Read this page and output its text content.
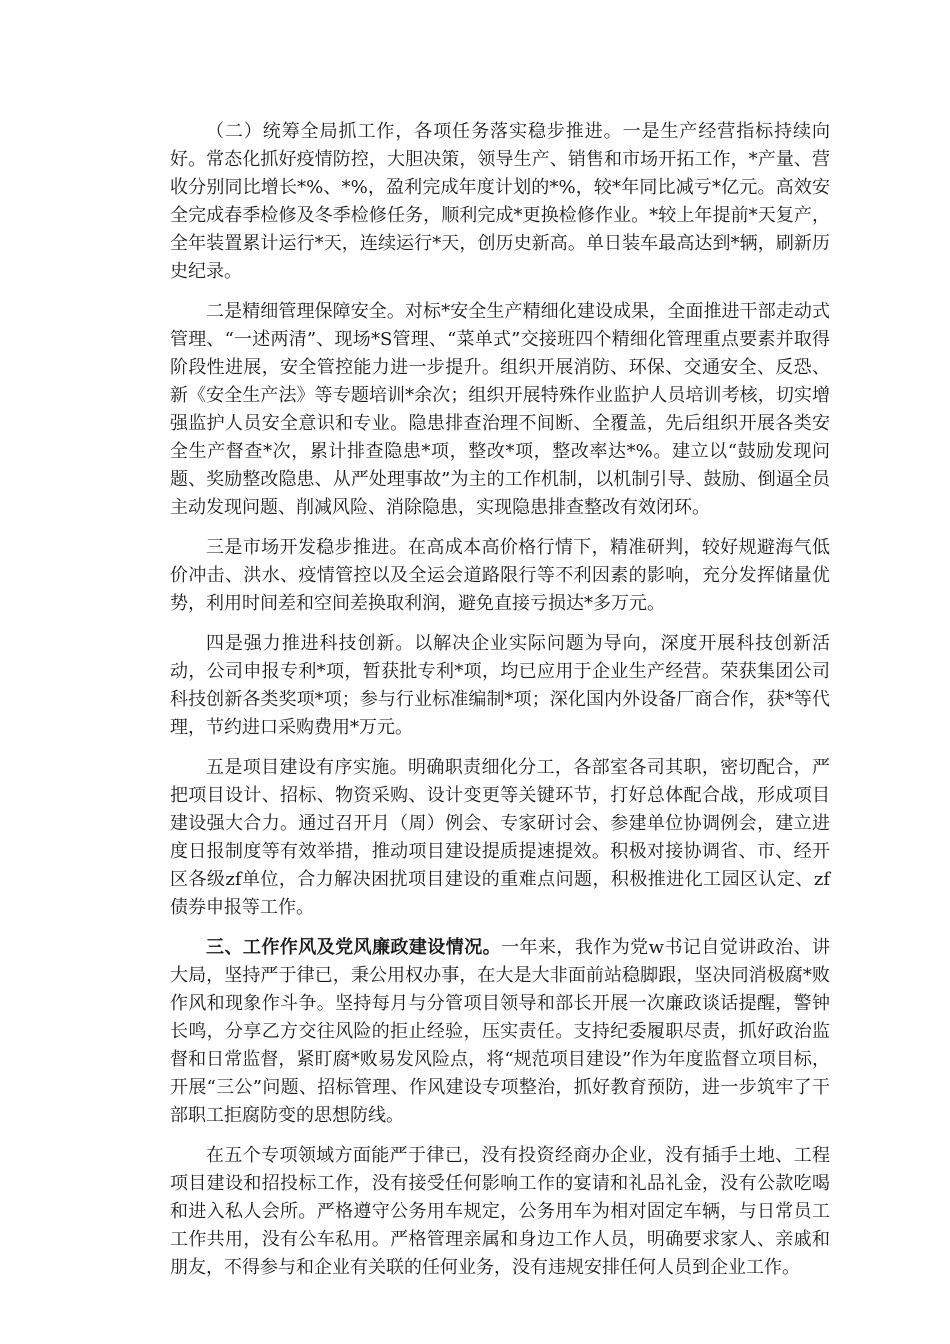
（二）统筹全局抓工作，各项任务落实稳步推进。一是生产经营指标持续向好。常态化抓好疫情防控，大胆决策，领导生产、销售和市场开拓工作，*产量、营收分别同比增长*%、*%，盈利完成年度计划的*%，较*年同比减亏*亿元。高效安全完成春季检修及冬季检修任务，顺利完成*更换检修作业。*较上年提前*天复产，全年装置累计运行*天，连续运行*天，创历史新高。单日装车最高达到*辆，刷新历史纪录。

二是精细管理保障安全。对标*安全生产精细化建设成果，全面推进干部走动式管理、“一述两清”、现场*S管理、“菜单式”交接班四个精细化管理重点要素并取得阶段性进展，安全管控能力进一步提升。组织开展消防、环保、交通安全、反恐、新《安全生产法》等专题培训*余次；组织开展特殊作业监护人员培训考核，切实增强监护人员安全意识和专业。隐患排查治理不间断、全覆盖，先后组织开展各类安全生产督查*次，累计排查隐患*项，整改*项，整改率达*%。建立以“鼓励发现问题、奖励整改隐患、从严处理事故”为主的工作机制，以机制引导、鼓励、倒逼全员主动发现问题、削减风险、消除隐患，实现隐患排查整改有效闭环。

三是市场开发稳步推进。在高成本高价格行情下，精准研判，较好规避海气低价冲击、洪水、疫情管控以及全运会道路限行等不利因素的影响，充分发挥储量优势，利用时间差和空间差换取利润，避免直接亏损达*多万元。

四是强力推进科技创新。以解决企业实际问题为导向，深度开展科技创新活动，公司申报专利*项，暂获批专利*项，均已应用于企业生产经营。荣获集团公司科技创新各类奖项*项；参与行业标准编制*项；深化国内外设备厂商合作，获*等代理，节约进口采购费用*万元。

五是项目建设有序实施。明确职责细化分工，各部室各司其职，密切配合，严把项目设计、招标、物资采购、设计变更等关键环节，打好总体配合战，形成项目建设强大合力。通过召开月（周）例会、专家研讨会、参建单位协调例会，建立进度日报制度等有效举措，推动项目建设提质提速提效。积极对接协调省、市、经开区各级zf单位，合力解决困扰项目建设的重难点问题，积极推进化工园区认定、zf债券申报等工作。

三、工作作风及党风廉政建设情况。一年来，我作为党w书记自觉讲政治、讲大局，坚持严于律已，秉公用权办事，在大是大非面前站稳脚跟，坚决同消极腐*败作风和现象作斗争。坚持每月与分管项目领导和部长开展一次廉政谈话提醒，警钟长鸣，分享乙方交往风险的拒止经验，压实责任。支持纪委履职尽责，抓好政治监督和日常监督，紧盯腐*败易发风险点，将“规范项目建设”作为年度监督立项目标，开展“三公”问题、招标管理、作风建设专项整治，抓好教育预防，进一步筑牢了干部职工拒腐防变的思想防线。

在五个专项领域方面能严于律已，没有投资经商办企业，没有插手土地、工程项目建设和招投标工作，没有接受任何影响工作的宴请和礼品礼金，没有公款吃喝和进入私人会所。严格遵守公务用车规定，公务用车为相对固定车辆，与日常员工工作共用，没有公车私用。严格管理亲属和身边工作人员，明确要求家人、亲戚和朋友，不得参与和企业有关联的任何业务，没有违规安排任何人员到企业工作。
